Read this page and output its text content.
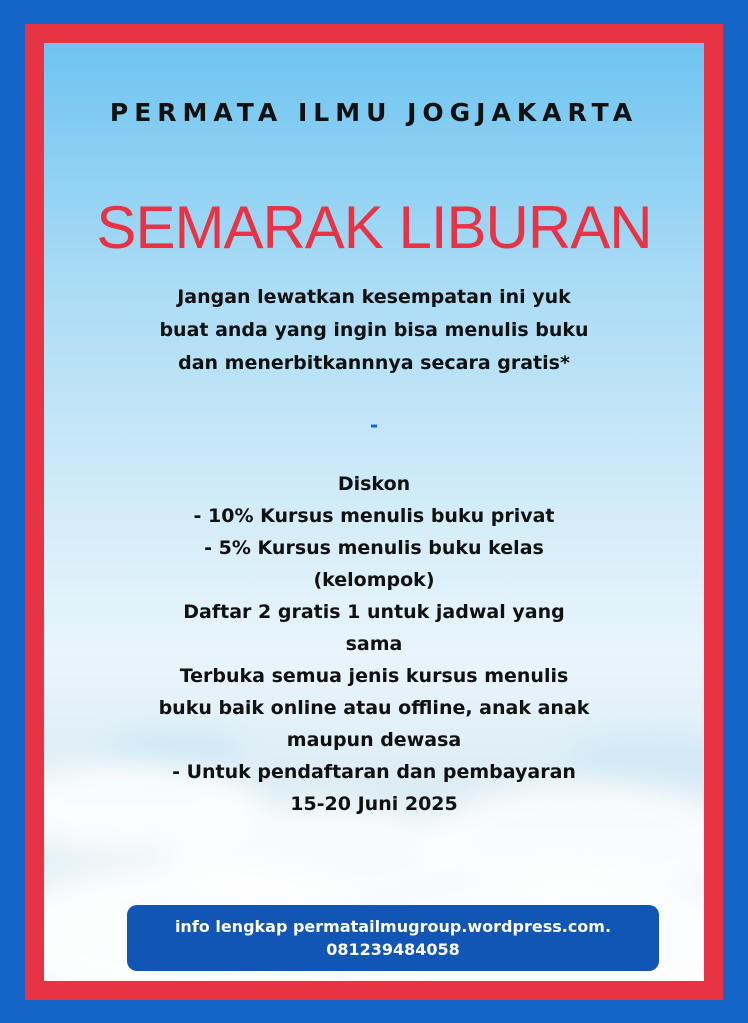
PERMATA ILMU JOGJAKARTA
SEMARAK LIBURAN
Jangan lewatkan kesempatan ini yuk
buat anda yang ingin bisa menulis buku
dan menerbitkannnya secara gratis*
-
Diskon
- 10% Kursus menulis buku privat
- 5% Kursus menulis buku kelas
(kelompok)
Daftar 2 gratis 1 untuk jadwal yang
sama
Terbuka semua jenis kursus menulis
buku baik online atau offline, anak anak
maupun dewasa
- Untuk pendaftaran dan pembayaran
15-20 Juni 2025
info lengkap permatailmugroup.wordpress.com.
081239484058
